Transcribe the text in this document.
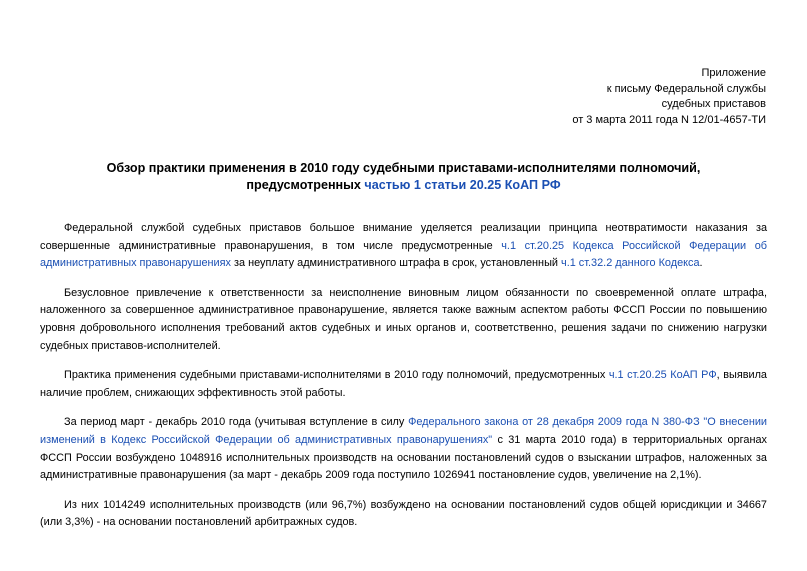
Приложение
к письму Федеральной службы
судебных приставов
от 3 марта 2011 года N 12/01-4657-ТИ
Обзор практики применения в 2010 году судебными приставами-исполнителями полномочий,
предусмотренных частью 1 статьи 20.25 КоАП РФ

Федеральной службой судебных приставов большое внимание уделяется реализации принципа неотвратимости наказания за совершенные административные правонарушения, в том числе предусмотренные ч.1 ст.20.25 Кодекса Российской Федерации об административных правонарушениях за неуплату административного штрафа в срок, установленный ч.1 ст.32.2 данного Кодекса.

Безусловное привлечение к ответственности за неисполнение виновным лицом обязанности по своевременной оплате штрафа, наложенного за совершенное административное правонарушение, является также важным аспектом работы ФССП России по повышению уровня добровольного исполнения требований актов судебных и иных органов и, соответственно, решения задачи по снижению нагрузки судебных приставов-исполнителей.

Практика применения судебными приставами-исполнителями в 2010 году полномочий, предусмотренных ч.1 ст.20.25 КоАП РФ, выявила наличие проблем, снижающих эффективность этой работы.

За период март - декабрь 2010 года (учитывая вступление в силу Федерального закона от 28 декабря 2009 года N 380-ФЗ "О внесении изменений в Кодекс Российской Федерации об административных правонарушениях" с 31 марта 2010 года) в территориальных органах ФССП России возбуждено 1048916 исполнительных производств на основании постановлений судов о взыскании штрафов, наложенных за административные правонарушения (за март - декабрь 2009 года поступило 1026941 постановление судов, увеличение на 2,1%).

Из них 1014249 исполнительных производств (или 96,7%) возбуждено на основании постановлений судов общей юрисдикции и 34667 (или 3,3%) - на основании постановлений арбитражных судов.
